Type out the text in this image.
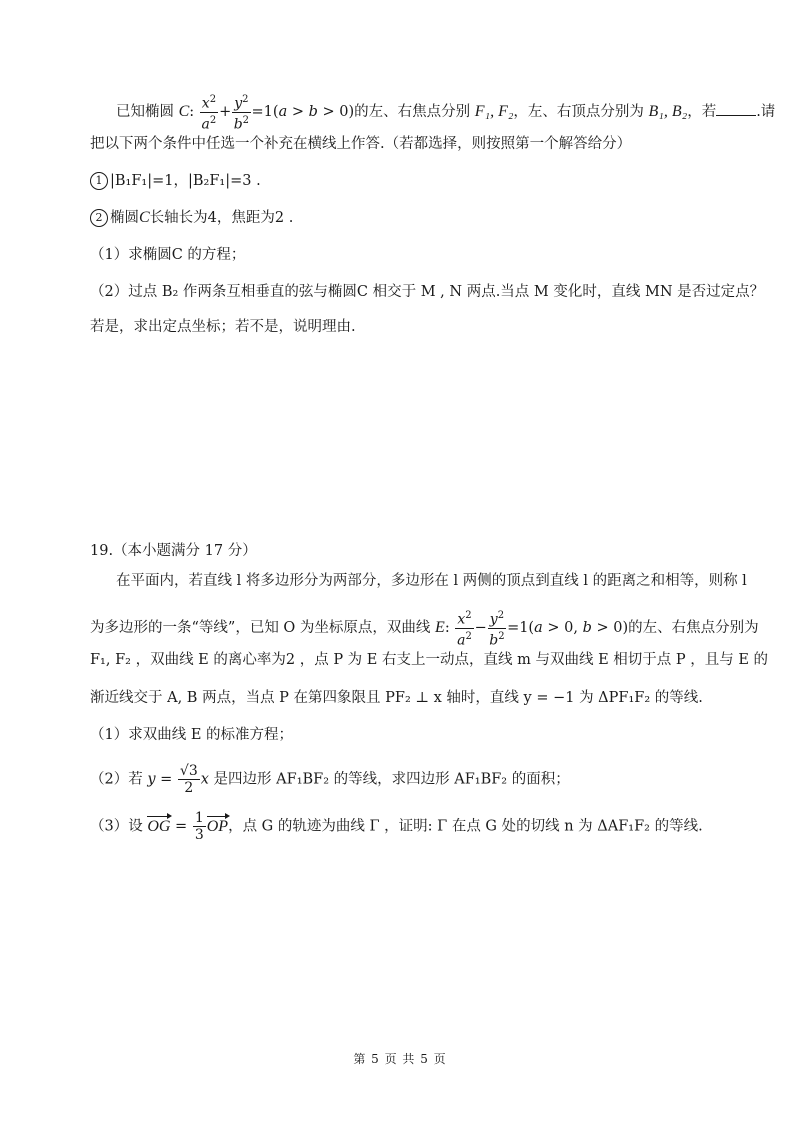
已知椭圆 C: $\frac{x^2}{a^2} + \frac{y^2}{b^2} =1(a > b > 0)$的左、右焦点分别 F₁, F₂，左、右顶点分别为 B₁, B₂，若	.请
把以下两个条件中任选一个补充在横线上作答.（若都选择，则按照第一个解答给分）
1 |B₁F₁|=1，|B₂F₁|=3 .
2 椭圆C长轴长为4，焦距为2 .
（1）求椭圆C 的方程；
（2）过点 B₂ 作两条互相垂直的弦与椭圆C 相交于 M , N 两点.当点 M 变化时，直线 MN 是否过定点？
若是，求出定点坐标；若不是，说明理由.
19.（本小题满分 17 分）
在平面内，若直线 l 将多边形分为两部分，多边形在 l 两侧的顶点到直线 l 的距离之和相等，则称 l
为多边形的一条“等线”，已知 O 为坐标原点，双曲线 E: $\frac{x^2}{a^2} - \frac{y^2}{b^2} =1(a > 0$, b > 0)的左、右焦点分别为
F₁, F₂ ，双曲线 E 的离心率为2 ，点 P 为 E 右支上一动点，直线 m 与双曲线 E 相切于点 P ，且与 E 的
渐近线交于 A, B 两点，当点 P 在第四象限且 PF₂ ⊥ x 轴时，直线 y = −1 为 ΔPF₁F₂ 的等线.
（1）求双曲线 E 的标准方程；
（2）若 $y = \frac{√3}{2}$ x 是四边形 AF₁BF₂ 的等线，求四边形 AF₁BF₂ 的面积；
（3）设 OG = $\frac{1}{3}$ OP，点 G 的轨迹为曲线 Γ ，证明: Γ 在点 G 处的切线 n 为 ΔAF₁F₂ 的等线.
第 5 页 共 5 页
